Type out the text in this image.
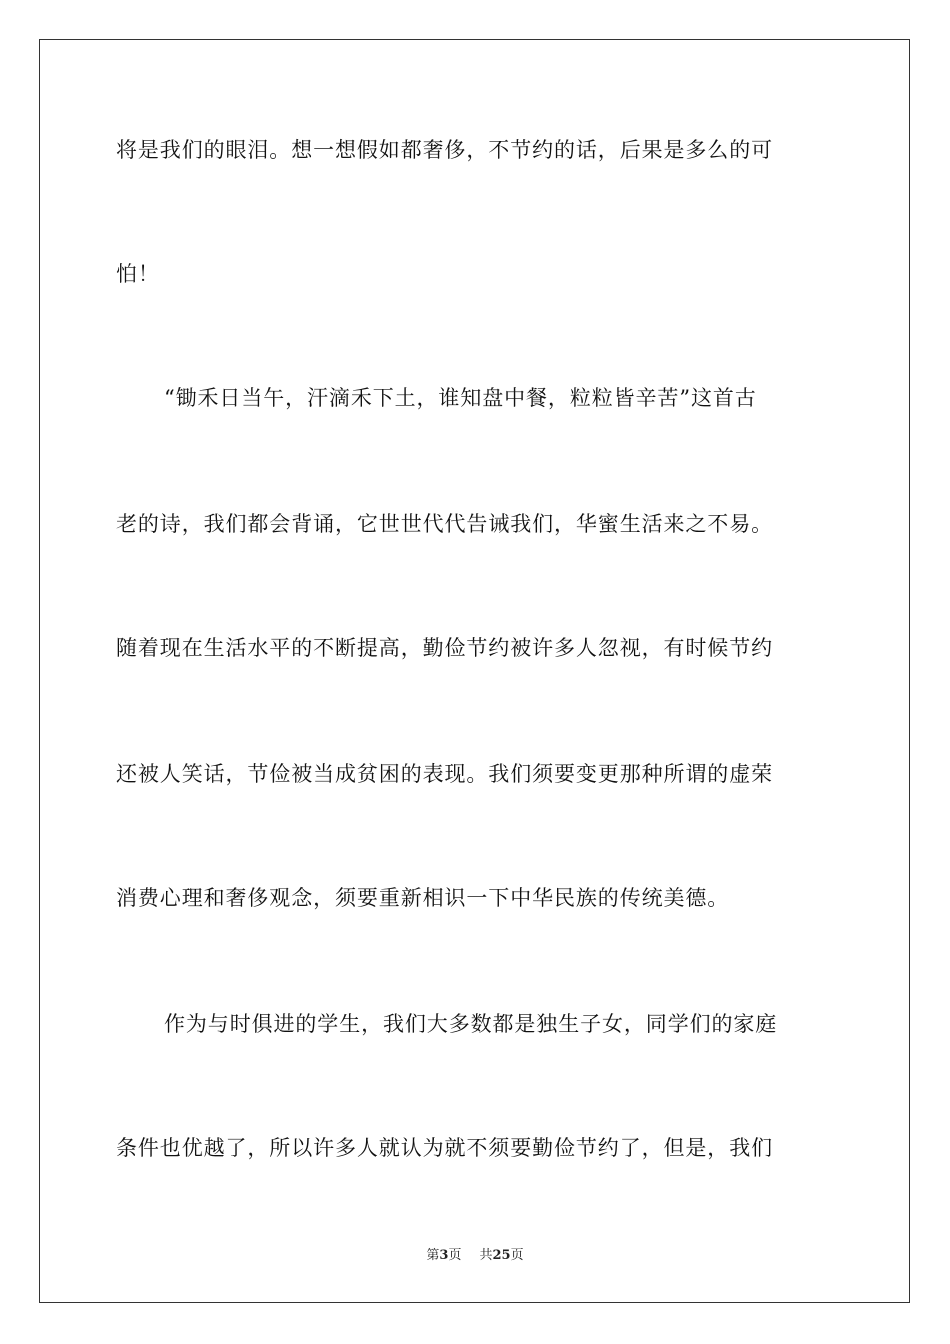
将是我们的眼泪。想一想假如都奢侈，不节约的话，后果是多么的可
怕！
“锄禾日当午，汗滴禾下土，谁知盘中餐，粒粒皆辛苦”这首古
老的诗，我们都会背诵，它世世代代告诫我们，华蜜生活来之不易。
随着现在生活水平的不断提高，勤俭节约被许多人忽视，有时候节约
还被人笑话，节俭被当成贫困的表现。我们须要变更那种所谓的虚荣
消费心理和奢侈观念，须要重新相识一下中华民族的传统美德。
作为与时俱进的学生，我们大多数都是独生子女，同学们的家庭
条件也优越了，所以许多人就认为就不须要勤俭节约了，但是，我们
第3页 共25页
